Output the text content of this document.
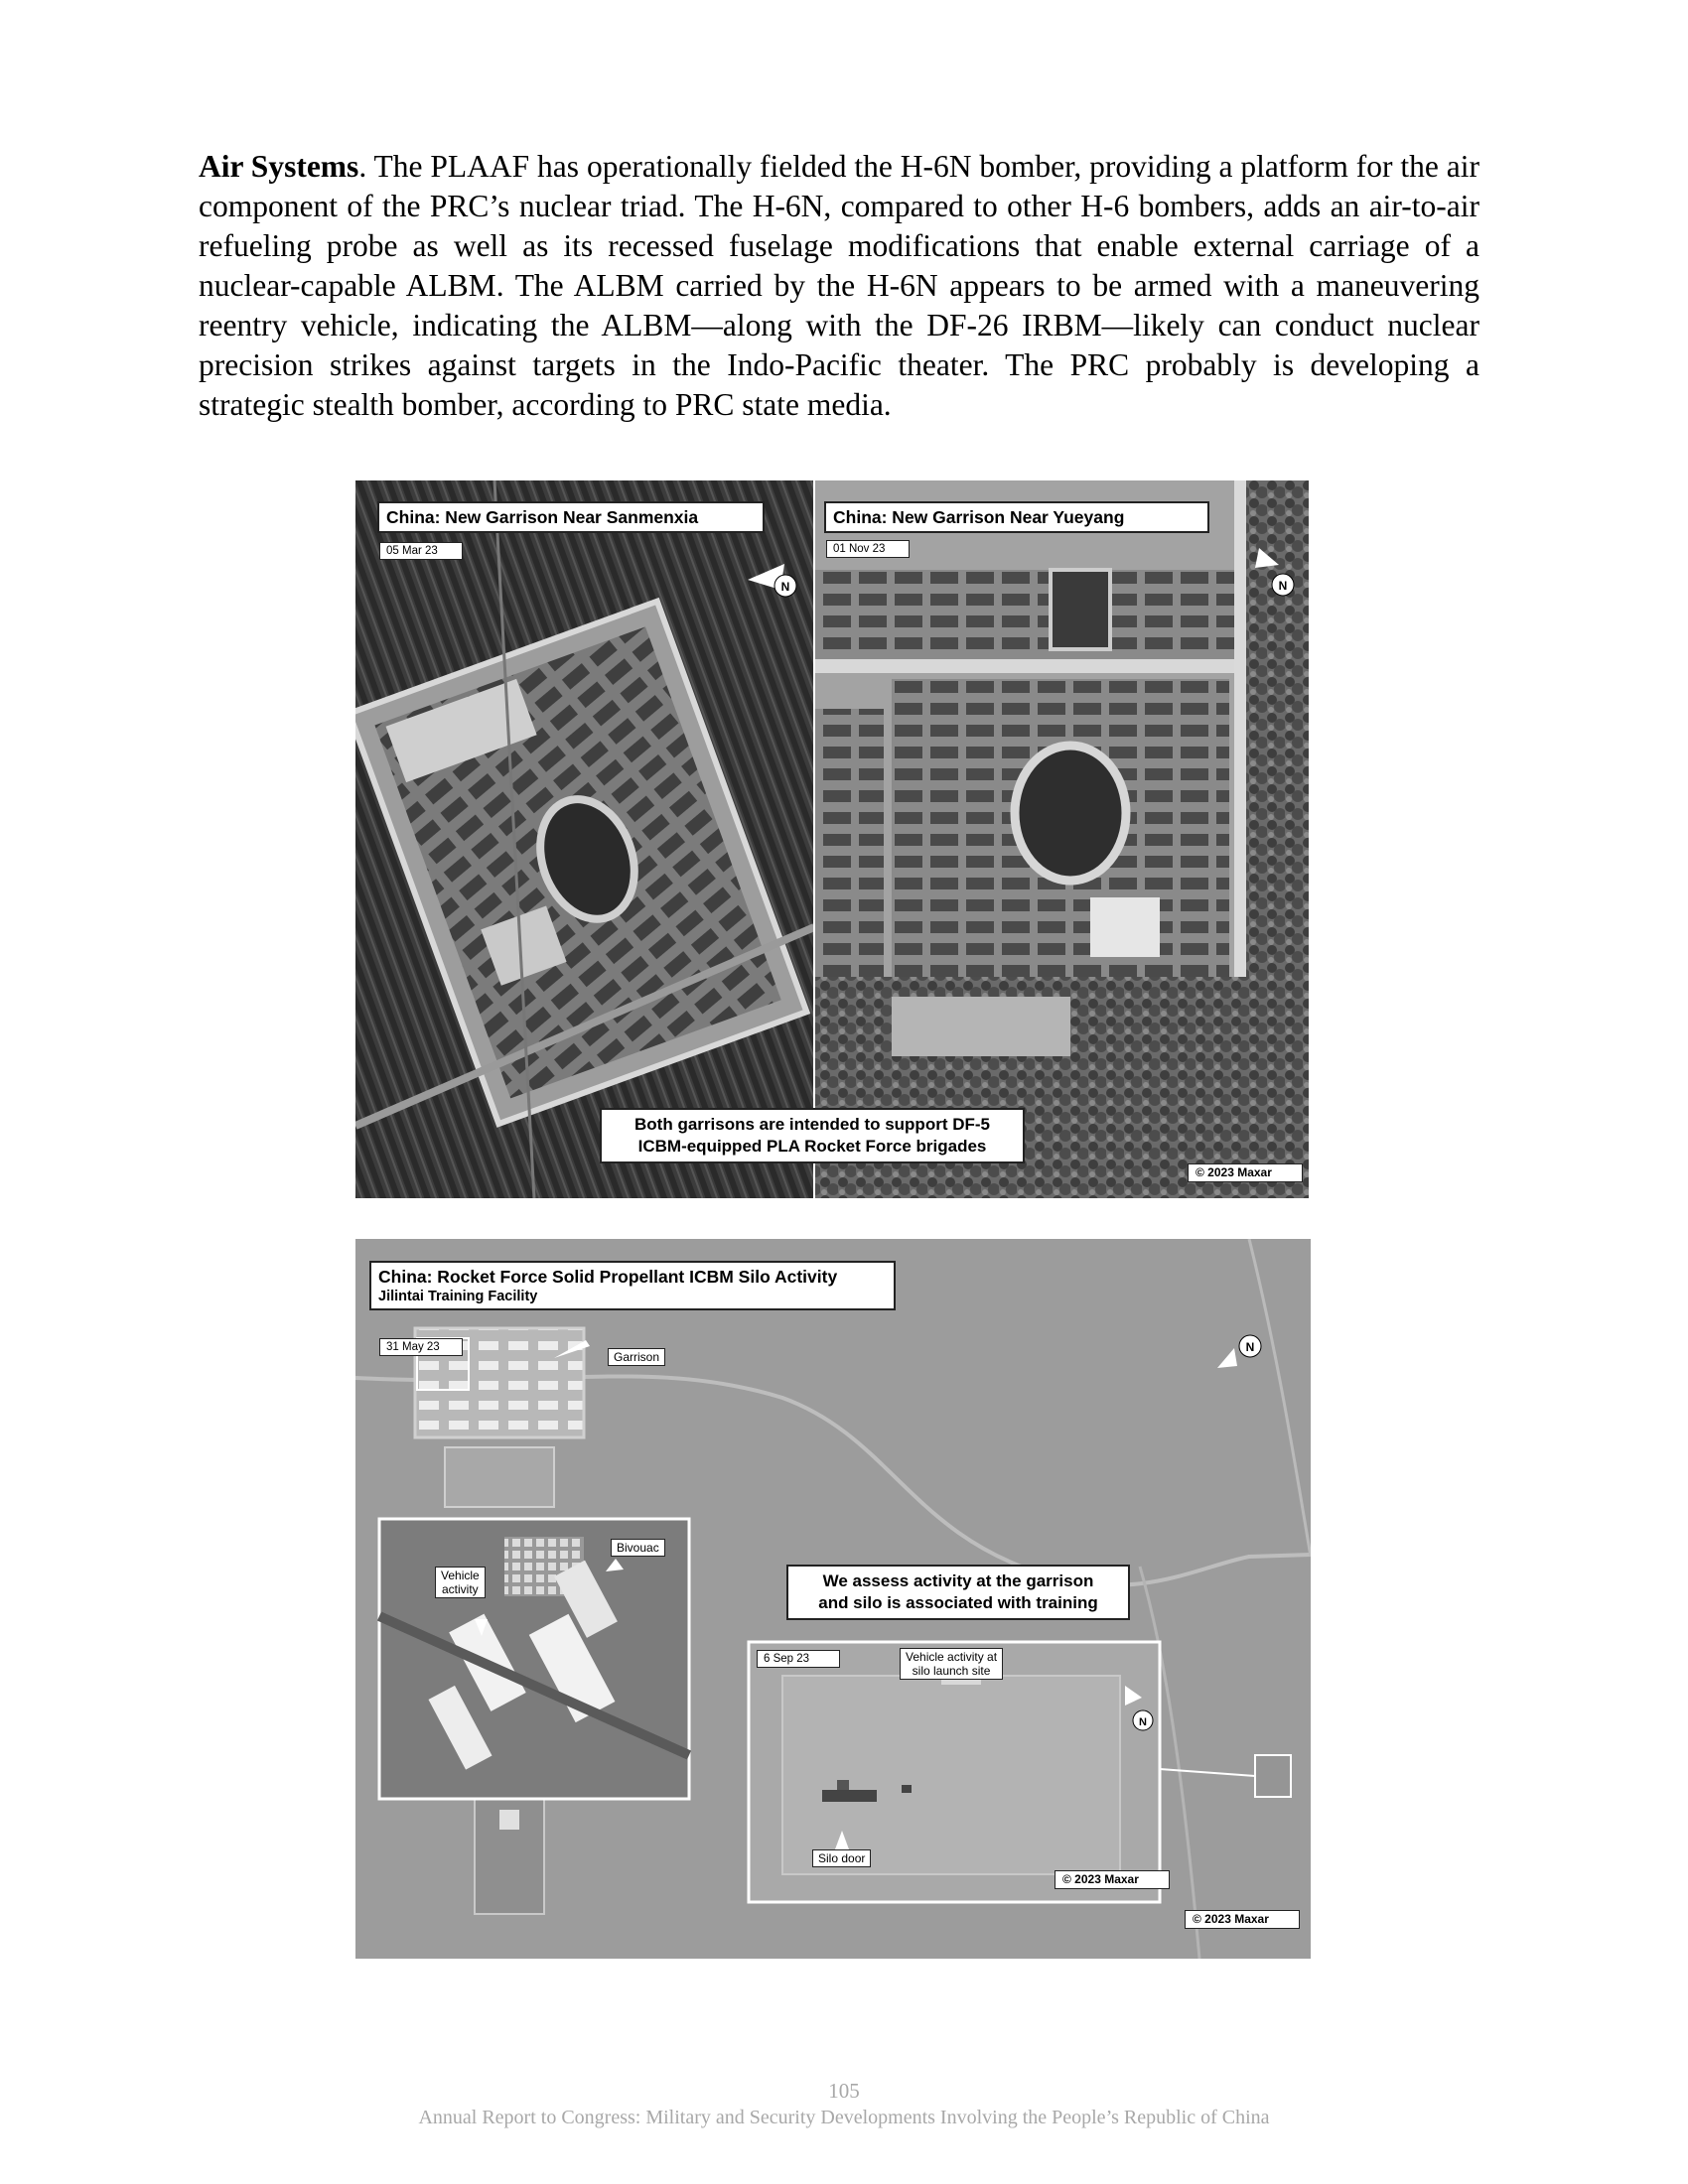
Air Systems. The PLAAF has operationally fielded the H-6N bomber, providing a platform for the air component of the PRC’s nuclear triad. The H-6N, compared to other H-6 bombers, adds an air-to-air refueling probe as well as its recessed fuselage modifications that enable external carriage of a nuclear-capable ALBM. The ALBM carried by the H-6N appears to be armed with a maneuvering reentry vehicle, indicating the ALBM—along with the DF-26 IRBM—likely can conduct nuclear precision strikes against targets in the Indo-Pacific theater. The PRC probably is developing a strategic stealth bomber, according to PRC state media.

N	N
China: New Garrison Near Sanmenxia
05 Mar 23
China: New Garrison Near Yueyang
01 Nov 23
Both garrisons are intended to support DF-5
ICBM-equipped PLA Rocket Force brigades
© 2023 Maxar
N
N
China: Rocket Force Solid Propellant ICBM Silo Activity
Jilintai Training Facility
31 May 23
Garrison
Bivouac
Vehicle
activity	We assess activity at the garrison
and silo is associated with training
6 Sep 23	Vehicle activity at
silo launch site
Silo door
© 2023 Maxar
© 2023 Maxar
105
Annual Report to Congress: Military and Security Developments Involving the People’s Republic of China
